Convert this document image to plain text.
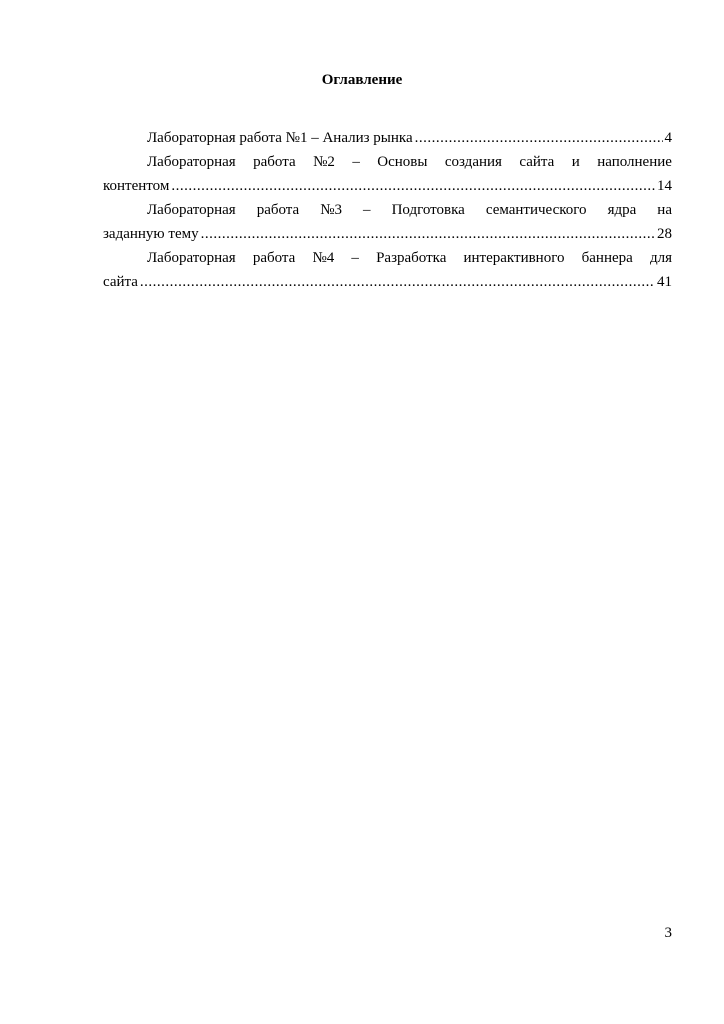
Оглавление
Лабораторная работа №1 – Анализ рынка .....	4
Лабораторная работа №2 – Основы создания сайта и наполнение
контентом .....	14
Лабораторная работа №3 – Подготовка семантического ядра на
заданную тему .....	28
Лабораторная работа №4 – Разработка интерактивного баннера для
сайта .....	41
3
